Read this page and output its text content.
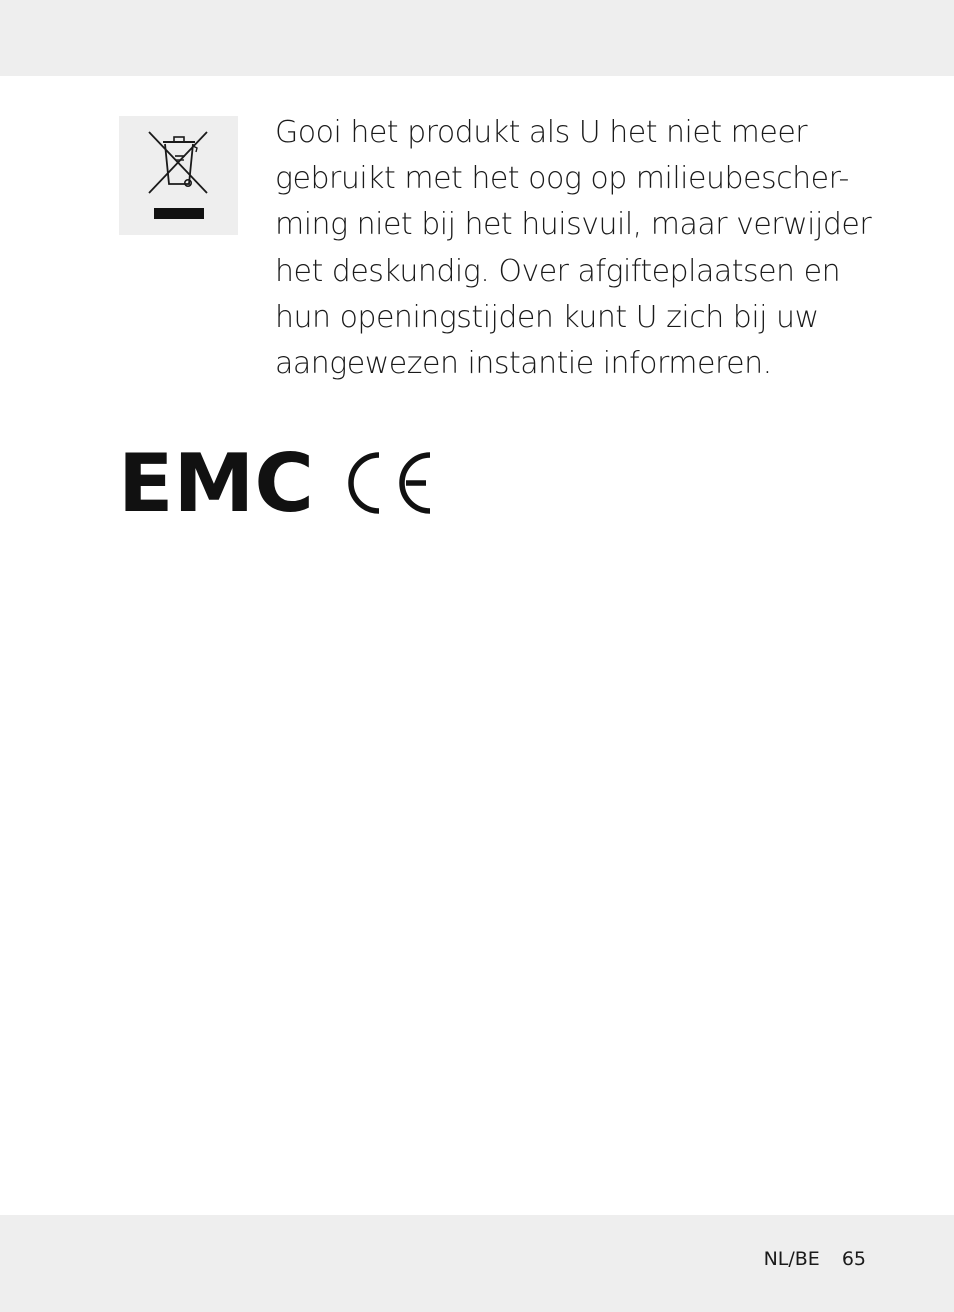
Gooi het produkt als U het niet meer
gebruikt met het oog op milieubescher-
ming niet bij het huisvuil, maar verwijder
het deskundig. Over afgifteplaatsen en
hun openingstijden kunt U zich bij uw
aangewezen instantie informeren.
EMC
NL/BE 65
